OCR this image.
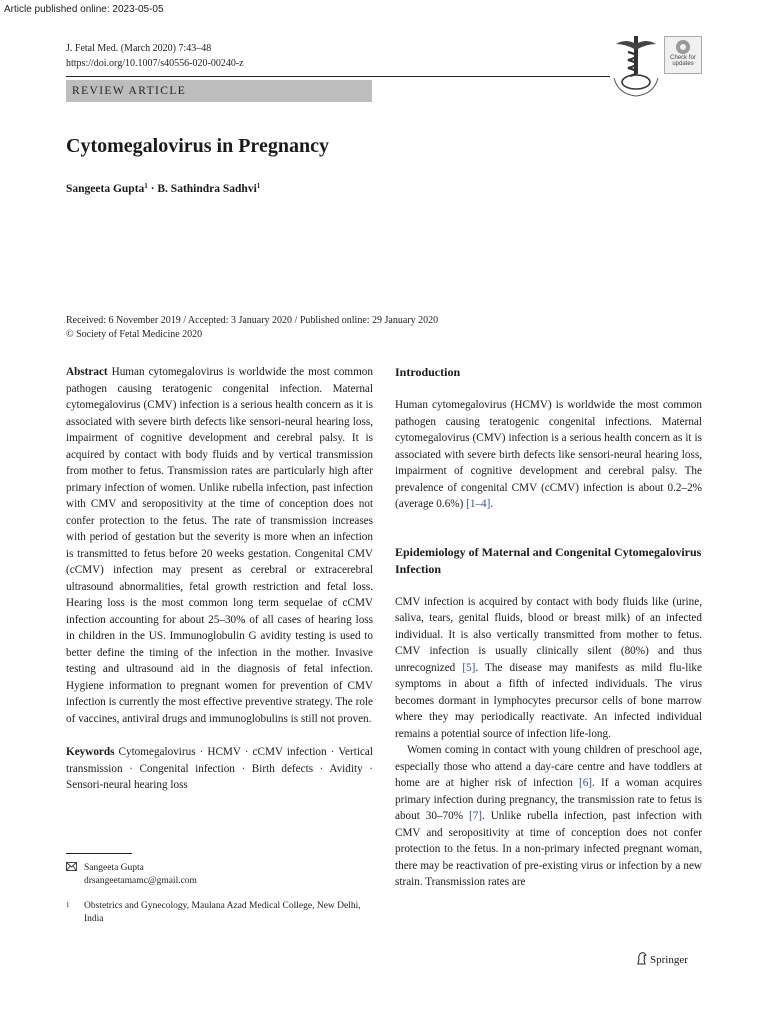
Article published online: 2023-05-05
J. Fetal Med. (March 2020) 7:43–48
https://doi.org/10.1007/s40556-020-00240-z	Check for
updates
REVIEW ARTICLE
Cytomegalovirus in Pregnancy
Sangeeta Gupta$^1$ · B. Sathindra Sadhvi$^1$
Received: 6 November 2019 / Accepted: 3 January 2020 / Published online: 29 January 2020
© Society of Fetal Medicine 2020

Abstract Human cytomegalovirus is worldwide the most common pathogen causing teratogenic congenital infection. Maternal cytomegalovirus (CMV) infection is a serious health concern as it is associated with severe birth defects like sensori-neural hearing loss, impairment of cognitive development and cerebral palsy. It is acquired by contact with body fluids and by vertical transmission from mother to fetus. Transmission rates are particularly high after primary infection of women. Unlike rubella infection, past infection with CMV and seropositivity at the time of conception does not confer protection to the fetus. The rate of transmission increases with period of gestation but the severity is more when an infection is transmitted to fetus before 20 weeks gestation. Congenital CMV (cCMV) infection may present as cerebral or extracerebral ultrasound abnormalities, fetal growth restriction and fetal loss. Hearing loss is the most common long term sequelae of cCMV infection accounting for about 25–30% of all cases of hearing loss in children in the US. Immunoglobulin G avidity testing is used to better define the timing of the infection in the mother. Invasive testing and ultrasound aid in the diagnosis of fetal infection. Hygiene information to pregnant women for prevention of CMV infection is currently the most effective preventive strategy. The role of vaccines, antiviral drugs and immunoglobulins is still not proven.

Keywords Cytomegalovirus · HCMV · cCMV infection · Vertical transmission · Congenital infection · Birth defects · Avidity · Sensori-neural hearing loss

Sangeeta Gupta
drsangeetamamc@gmail.com
1 Obstetrics and Gynecology, Maulana Azad Medical College, New Delhi, India
Introduction

Human cytomegalovirus (HCMV) is worldwide the most common pathogen causing teratogenic congenital infections. Maternal cytomegalovirus (CMV) infection is a serious health concern as it is associated with severe birth defects like sensori-neural hearing loss, impairment of cognitive development and cerebral palsy. The prevalence of congenital CMV (cCMV) infection is about 0.2–2% (average 0.6%) [1–4].

Epidemiology of Maternal and Congenital Cytomegalovirus Infection

CMV infection is acquired by contact with body fluids like (urine, saliva, tears, genital fluids, blood or breast milk) of an infected individual. It is also vertically transmitted from mother to fetus. CMV infection is usually clinically silent (80%) and thus unrecognized [5]. The disease may manifests as mild flu-like symptoms in about a fifth of infected individuals. The virus becomes dormant in lymphocytes precursor cells of bone marrow where they may periodically reactivate. An infected individual remains a potential source of infection life-long.

Women coming in contact with young children of preschool age, especially those who attend a day-care centre and have toddlers at home are at higher risk of infection [6]. If a woman acquires primary infection during pregnancy, the transmission rate to fetus is about 30–70% [7]. Unlike rubella infection, past infection with CMV and seropositivity at time of conception does not confer protection to the fetus. In a non-primary infected pregnant woman, there may be reactivation of pre-existing virus or infection by a new strain. Transmission rates are

Springer
